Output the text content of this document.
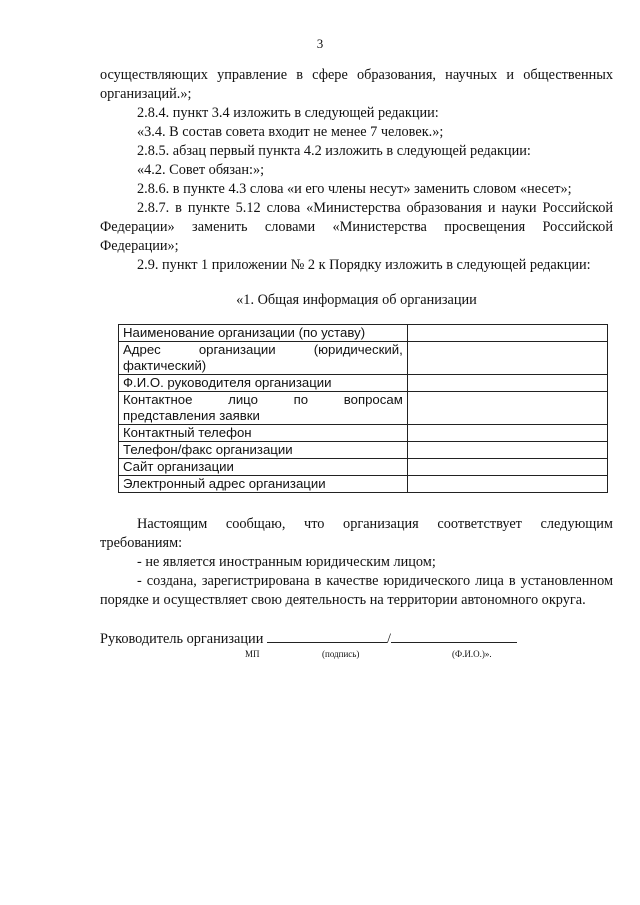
3

осуществляющих управление в сфере образования, научных и общественных организаций.»;

2.8.4. пункт 3.4 изложить в следующей редакции:

«3.4. В состав совета входит не менее 7 человек.»;

2.8.5. абзац первый пункта 4.2 изложить в следующей редакции:

«4.2. Совет обязан:»;

2.8.6. в пункте 4.3 слова «и его члены несут» заменить словом «несет»;

2.8.7. в пункте 5.12 слова «Министерства образования и науки Российской Федерации» заменить словами «Министерства просвещения Российской Федерации»;

2.9. пункт 1 приложении № 2 к Порядку изложить в следующей редакции:

«1. Общая информация об организации

Наименование организации (по уставу)	
Адрес организации (юридический, фактический)	
Ф.И.О. руководителя организации	
Контактное лицо по вопросам представления заявки	
Контактный телефон	
Телефон/факс организации	
Сайт организации	
Электронный адрес организации	

Настоящим сообщаю, что организация соответствует следующим требованиям:

- не является иностранным юридическим лицом;

- создана, зарегистрирована в качестве юридического лица в установленном порядке и осуществляет свою деятельность на территории автономного округа.

Руководитель организации	/

МП	(подпись)	(Ф.И.О.)».
